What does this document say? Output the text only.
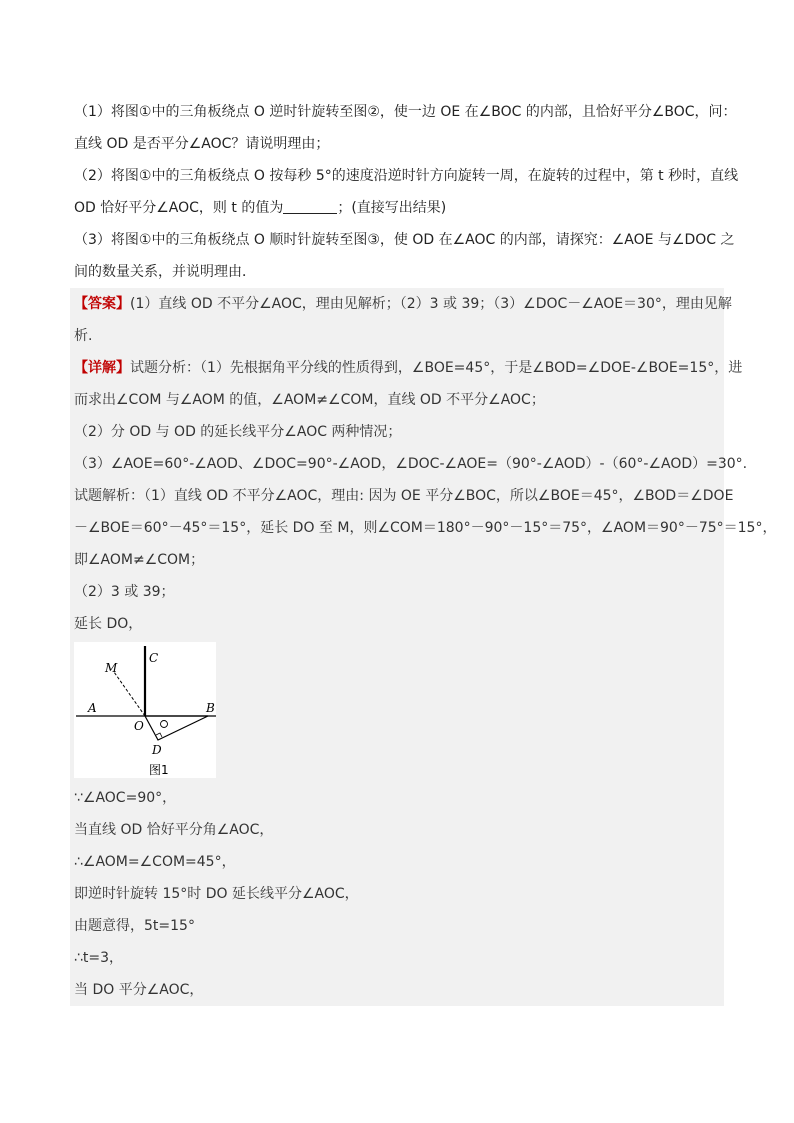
（1）将图①中的三角板绕点 O 逆时针旋转至图②，使一边 OE 在∠BOC 的内部，且恰好平分∠BOC，问：
直线 OD 是否平分∠AOC？请说明理由；
（2）将图①中的三角板绕点 O 按每秒 5°的速度沿逆时针方向旋转一周，在旋转的过程中，第 t 秒时，直线
OD 恰好平分∠AOC，则 t 的值为	；(直接写出结果)
（3）将图①中的三角板绕点 O 顺时针旋转至图③，使 OD 在∠AOC 的内部，请探究：∠AOE 与∠DOC 之
间的数量关系，并说明理由．
【答案】(1）直线 OD 不平分∠AOC，理由见解析；（2）3 或 39；（3）∠DOC－∠AOE＝30°，理由见解
析.
【详解】试题分析：（1）先根据角平分线的性质得到，∠BOE=45°，于是∠BOD=∠DOE-∠BOE=15°，进
而求出∠COM 与∠AOM 的值，∠AOM≠∠COM，直线 OD 不平分∠AOC；
（2）分 OD 与 OD 的延长线平分∠AOC 两种情况；
（3）∠AOE=60°-∠AOD、∠DOC=90°-∠AOD，∠DOC-∠AOE=（90°-∠AOD）-（60°-∠AOD）=30°.
试题解析：（1）直线 OD 不平分∠AOC，理由: 因为 OE 平分∠BOC，所以∠BOE＝45°，∠BOD＝∠DOE
－∠BOE＝60°－45°＝15°，延长 DO 至 M，则∠COM＝180°－90°－15°＝75°，∠AOM＝90°－75°＝15°，
即∠AOM≠∠COM；
（2）3 或 39；
延长 DO，
M
C
A	B
O
D
图1
∵∠AOC=90°，
当直线 OD 恰好平分角∠AOC，
∴∠AOM=∠COM=45°，
即逆时针旋转 15°时 DO 延长线平分∠AOC，
由题意得，5t=15°
∴t=3，
当 DO 平分∠AOC，
